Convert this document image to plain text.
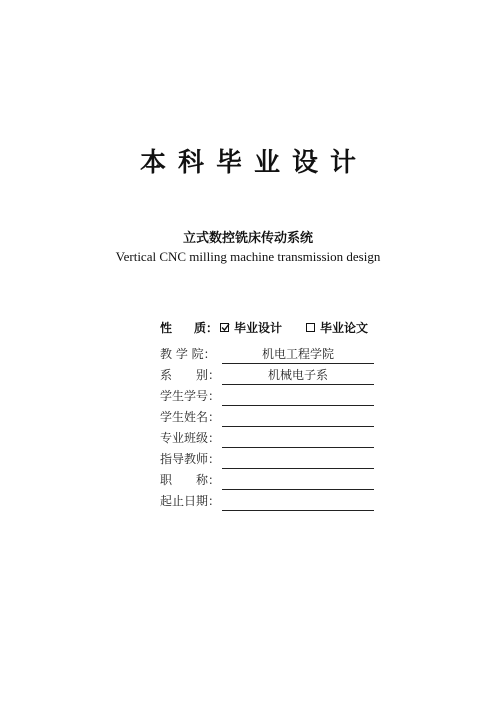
本科毕业设计
立式数控铣床传动系统
Vertical CNC milling machine transmission design
性 质： 毕业设计	毕业论文
教 学 院：	机电工程学院
系　　别：	机械电子系
学生学号：
学生姓名：
专业班级：
指导教师：
职　　称：
起止日期：
